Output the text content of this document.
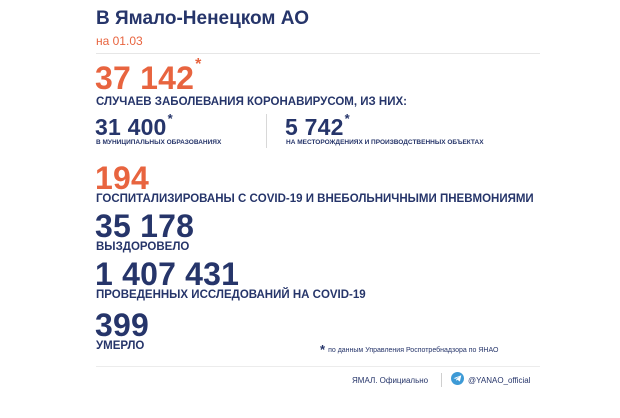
В Ямало-Ненецком АО
на 01.03
37 142*
СЛУЧАЕВ ЗАБОЛЕВАНИЯ КОРОНАВИРУСОМ, ИЗ НИХ:
31 400*
В МУНИЦИПАЛЬНЫХ ОБРАЗОВАНИЯХ
5 742*
НА МЕСТОРОЖДЕНИЯХ И ПРОИЗВОДСТВЕННЫХ ОБЪЕКТАХ
194
ГОСПИТАЛИЗИРОВАНЫ С COVID-19 И ВНЕБОЛЬНИЧНЫМИ ПНЕВМОНИЯМИ
35 178
ВЫЗДОРОВЕЛО
1 407 431
ПРОВЕДЕННЫХ ИССЛЕДОВАНИЙ НА COVID-19
399
УМЕРЛО	* по данным Управления Роспотребнадзора по ЯНАО
ЯМАЛ. Официально	@YANAO_official
